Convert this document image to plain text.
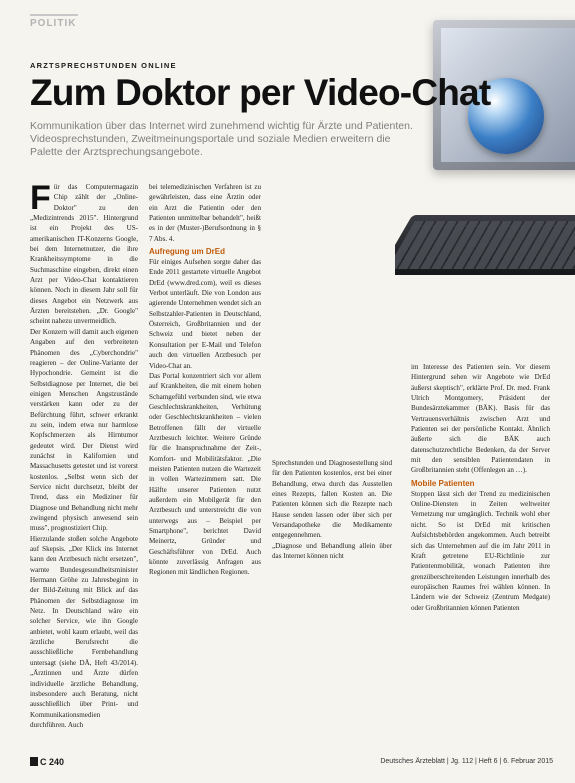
POLITIK
ARZTSPRECHSTUNDEN ONLINE
Zum Doktor per Video-Chat
Kommunikation über das Internet wird zunehmend wichtig für Ärzte und Patienten. Videosprechstunden, Zweitmeinungsportale und soziale Medien erweitern die Palette der Arztsprechungsangebote.

Für das Computermagazin Chip zählt der „Online-Doktor" zu den „Medizintrends 2015". Hintergrund ist ein Projekt des US-amerikanischen IT-Konzerns Google, bei dem Internetnutzer, die ihre Krankheitssymptome in die Suchmaschine eingeben, direkt einen Arzt per Video-Chat kontaktieren können. Noch in diesem Jahr soll für dieses Angebot ein Netzwerk aus Ärzten bereitstehen. „Dr. Google" scheint nahezu unvermeidlich.

Der Konzern will damit auch eigenen Angaben auf den verbreiteten Phänomen des „Cyberchondrie" reagieren – der Online-Variante der Hypochondrie. Gemeint ist die Selbstdiagnose per Internet, die bei einigen Menschen Angstzustände verstärken kann oder zu der Befürchtung führt, schwer erkrankt zu sein, indem etwa nur harmlose Kopfschmerzen als Hirntumor gedeutet wird. Der Dienst wird zunächst in Kalifornien und Massachusetts getestet und ist vorerst kostenlos. „Selbst wenn sich der Service nicht durchsetzt, bleibt der Trend, dass ein Mediziner für Diagnose und Behandlung nicht mehr zwingend physisch anwesend sein muss", prognostiziert Chip.

Hierzulande stoßen solche Angebote auf Skepsis. „Der Klick ins Internet kann den Arztbesuch nicht ersetzen", warnte Bundesgesundheitsminister Hermann Gröhe zu Jahresbeginn in der Bild-Zeitung mit Blick auf das Phänomen der Selbstdiagnose im Netz. In Deutschland wäre ein solcher Service, wie ihn Google anbietet, wohl kaum erlaubt, weil das ärztliche Berufsrecht die ausschließliche Fernbehandlung untersagt (siehe DÄ, Heft 43/2014). „Ärztinnen und Ärzte dürfen individuelle ärztliche Behandlung, insbesondere auch Beratung, nicht ausschließlich über Print- und Kommunikationsmedien durchführen. Auch

bei telemedizinischen Verfahren ist zu gewährleisten, dass eine Ärztin oder ein Arzt die Patientin oder den Patienten unmittelbar behandelt", heißt es in der (Muster-)Berufsordnung in § 7 Abs. 4.

Aufregung um DrEd

Für einiges Aufsehen sorgte daher das Ende 2011 gestartete virtuelle Angebot DrEd (www.dred.com), weil es dieses Verbot unterläuft. Die von London aus agierende Unternehmen wendet sich an Selbstzahler-Patienten in Deutschland, Österreich, Großbritannien und der Schweiz und bietet neben der Konsultation per E-Mail und Telefon auch den virtuellen Arztbesuch per Video-Chat an.

Das Portal konzentriert sich vor allem auf Krankheiten, die mit einem hohen Schamgefühl verbunden sind, wie etwa Geschlechtskrankheiten, Verhütung oder Geschlechtskrankheiten – vielen Betroffenen fällt der virtuelle Arztbesuch leichter. Weitere Gründe für die Inanspruchnahme der Zeit-, Komfort- und Mobilitätsfaktor. „Die meisten Patienten nutzen die Wartezeit in vollen Wartezimmern satt. Die Hälfte unserer Patienten nutzt außerdem ein Mobilgerät für den Arztbesuch und unterstreicht die von unterwegs aus – Beispiel per Smartphone", berichtet David Meinertz, Gründer und Geschäftsführer von DrEd. Auch könnte zuverlässig Anfragen aus Regionen mit ländlichen Regionen.

Sprechstunden und Diagnosestellung sind für den Patienten kostenlos, erst bei einer Behandlung, etwa durch das Ausstellen eines Rezepts, fallen Kosten an. Die Patienten können sich die Rezepte nach Hause senden lassen oder über sich per Versandapotheke die Medikamente entgegennehmen.

„Diagnose und Behandlung allein über das Internet können nicht

im Interesse des Patienten sein. Vor diesem Hintergrund sehen wir Angebote wie DrEd äußerst skeptisch", erklärte Prof. Dr. med. Frank Ulrich Montgomery, Präsident der Bundesärztekammer (BÄK). Basis für das Vertrauensverhältnis zwischen Arzt und Patienten sei der persönliche Kontakt. Ähnlich äußerte sich die BÄK auch datenschutzrechtliche Bedenken, da der Server mit den sensiblen Patientendaten in Großbritannien steht (Offenlegen an …).

Mobile Patienten

Stoppen lässt sich der Trend zu medizinischen Online-Diensten in Zeiten weltweiter Vernetzung nur umgänglich. Technik wohl eher nicht. So ist DrEd mit kritischen Aufsichtsbehörden angekommen. Auch betreibt sich das Unternehmen auf die im Jahr 2011 in Kraft getretene EU-Richtlinie zur Patientenmobilität, wonach Patienten ihre grenzüberschreitenden Leistungen innerhalb des europäischen Raumes frei wählen können. In Ländern wie der Schweiz (Zentrum Medgate) oder Großbritannien können Patienten

C 240	Deutsches Ärzteblatt | Jg. 112 | Heft 6 | 6. Februar 2015
